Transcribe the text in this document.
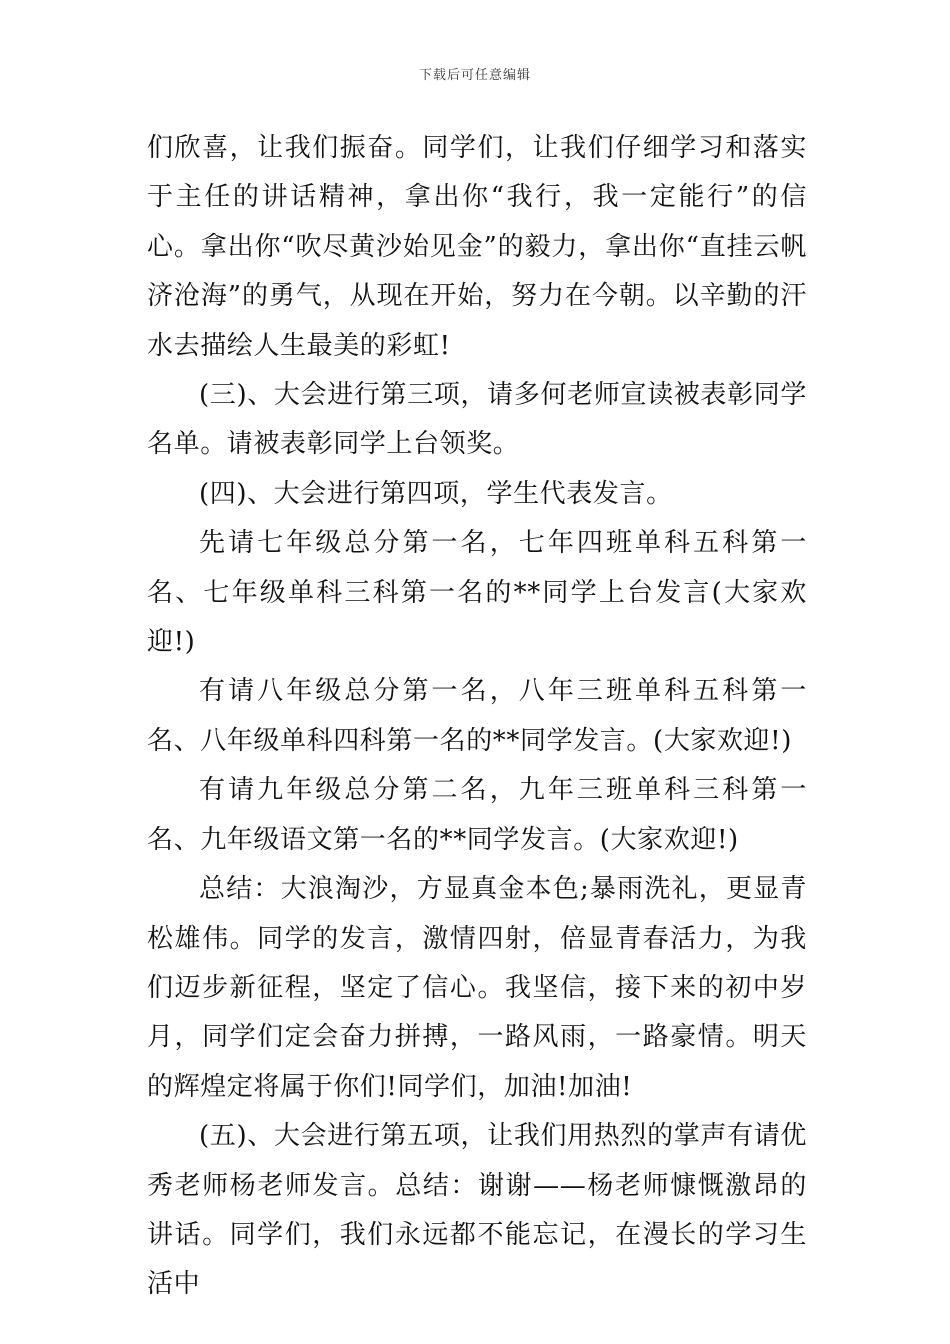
下载后可任意编辑

们欣喜，让我们振奋。同学们，让我们仔细学习和落实于主任的讲话精神，拿出你“我行，我一定能行”的信心。拿出你“吹尽黄沙始见金”的毅力，拿出你“直挂云帆济沧海”的勇气，从现在开始，努力在今朝。以辛勤的汗水去描绘人生最美的彩虹!

(三)、大会进行第三项，请多何老师宣读被表彰同学名单。请被表彰同学上台领奖。

(四)、大会进行第四项，学生代表发言。

先请七年级总分第一名，七年四班单科五科第一名、七年级单科三科第一名的**同学上台发言(大家欢迎!)

有请八年级总分第一名，八年三班单科五科第一名、八年级单科四科第一名的**同学发言。(大家欢迎!)

有请九年级总分第二名，九年三班单科三科第一名、九年级语文第一名的**同学发言。(大家欢迎!)

总结：大浪淘沙，方显真金本色;暴雨洗礼，更显青松雄伟。同学的发言，激情四射，倍显青春活力，为我们迈步新征程，坚定了信心。我坚信，接下来的初中岁月，同学们定会奋力拼搏，一路风雨，一路豪情。明天的辉煌定将属于你们!同学们，加油!加油!

(五)、大会进行第五项，让我们用热烈的掌声有请优秀老师杨老师发言。总结：谢谢——杨老师慷慨激昂的讲话。同学们，我们永远都不能忘记，在漫长的学习生活中
